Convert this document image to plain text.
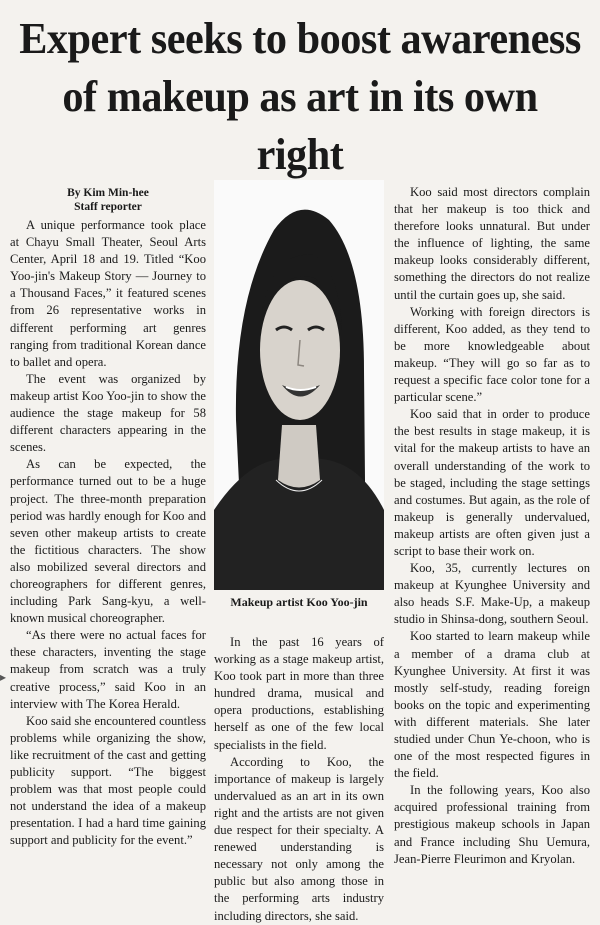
Expert seeks to boost awareness of makeup as art in its own right
By Kim Min-hee
Staff reporter

A unique performance took place at Chayu Small Theater, Seoul Arts Center, April 18 and 19. Titled “Koo Yoo-jin's Makeup Story — Journey to a Thousand Faces,” it featured scenes from 26 representative works in different performing art genres ranging from traditional Korean dance to ballet and opera.

The event was organized by makeup artist Koo Yoo-jin to show the audience the stage makeup for 58 different characters appearing in the scenes.

As can be expected, the performance turned out to be a huge project. The three-month preparation period was hardly enough for Koo and seven other makeup artists to create the fictitious characters. The show also mobilized several directors and choreographers for different genres, including Park Sang-kyu, a well-known musical choreographer.

“As there were no actual faces for these characters, inventing the stage makeup from scratch was a truly creative process,” said Koo in an interview with The Korea Herald.

Koo said she encountered countless problems while organizing the show, like recruitment of the cast and getting publicity support. “The biggest problem was that most people could not understand the idea of a makeup presentation. I had a hard time gaining support and publicity for the event.”

▸
Makeup artist Koo Yoo-jin

In the past 16 years of working as a stage makeup artist, Koo took part in more than three hundred drama, musical and opera productions, establishing herself as one of the few local specialists in the field.

According to Koo, the importance of makeup is largely undervalued as an art in its own right and the artists are not given due respect for their specialty. A renewed understanding is necessary not only among the public but also among those in the performing arts industry including directors, she said.

Koo said most directors complain that her makeup is too thick and therefore looks unnatural. But under the influence of lighting, the same makeup looks considerably different, something the directors do not realize until the curtain goes up, she said.

Working with foreign directors is different, Koo added, as they tend to be more knowledgeable about makeup. “They will go so far as to request a specific face color tone for a particular scene.”

Koo said that in order to produce the best results in stage makeup, it is vital for the makeup artists to have an overall understanding of the work to be staged, including the stage settings and costumes. But again, as the role of makeup is generally undervalued, makeup artists are often given just a script to base their work on.

Koo, 35, currently lectures on makeup at Kyunghee University and also heads S.F. Make-Up, a makeup studio in Shinsa-dong, southern Seoul.

Koo started to learn makeup while a member of a drama club at Kyunghee University. At first it was mostly self-study, reading foreign books on the topic and experimenting with different materials. She later studied under Chun Ye-choon, who is one of the most respected figures in the field.

In the following years, Koo also acquired professional training from prestigious makeup schools in Japan and France including Shu Uemura, Jean-Pierre Fleurimon and Kryolan.
